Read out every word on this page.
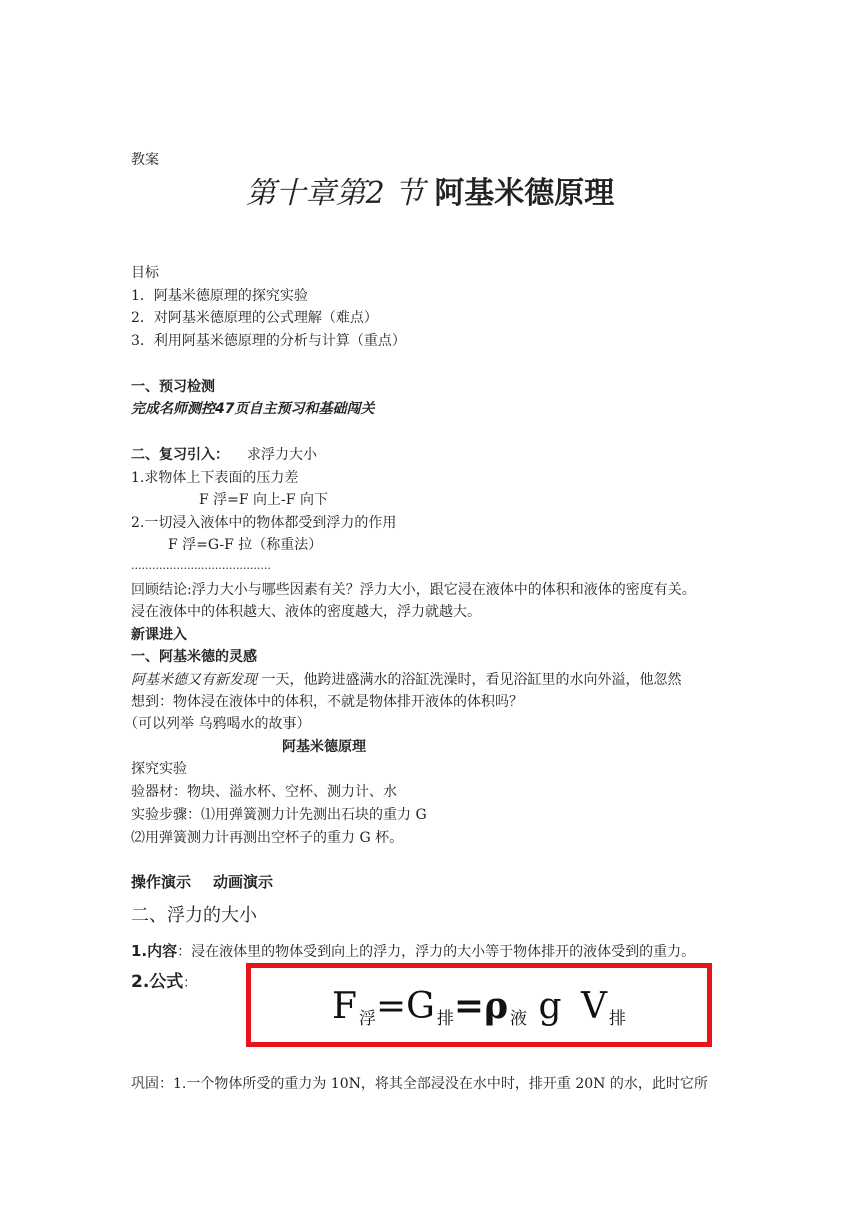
教案
第十章第2 节 阿基米德原理
目标
1．阿基米德原理的探究实验
2．对阿基米德原理的公式理解（难点）
3．利用阿基米德原理的分析与计算（重点）
一、预习检测
完成名师测控47页自主预习和基础闯关
二、复习引入： 求浮力大小
1.求物体上下表面的压力差
F 浮=F 向上-F 向下
2.一切浸入液体中的物体都受到浮力的作用
F 浮=G-F 拉（称重法）
........................................
回顾结论:浮力大小与哪些因素有关？浮力大小，跟它浸在液体中的体积和液体的密度有关。
浸在液体中的体积越大、液体的密度越大，浮力就越大。
新课进入
一、阿基米德的灵感
阿基米德又有新发现 一天，他跨进盛满水的浴缸洗澡时，看见浴缸里的水向外溢，他忽然
想到：物体浸在液体中的体积，不就是物体排开液体的体积吗？
（可以列举 乌鸦喝水的故事）
阿基米德原理
探究实验
验器材：物块、溢水杯、空杯、测力计、水
实验步骤：⑴用弹簧测力计先测出石块的重力 G
⑵用弹簧测力计再测出空杯子的重力 G 杯。
操作演示 动画演示
二、浮力的大小
1.内容：浸在液体里的物体受到向上的浮力，浮力的大小等于物体排开的液体受到的重力。
2.公式：
F浮=G 排=ρ 液 g V 排
巩固：1.一个物体所受的重力为 10N，将其全部浸没在水中时，排开重 20N 的水，此时它所
